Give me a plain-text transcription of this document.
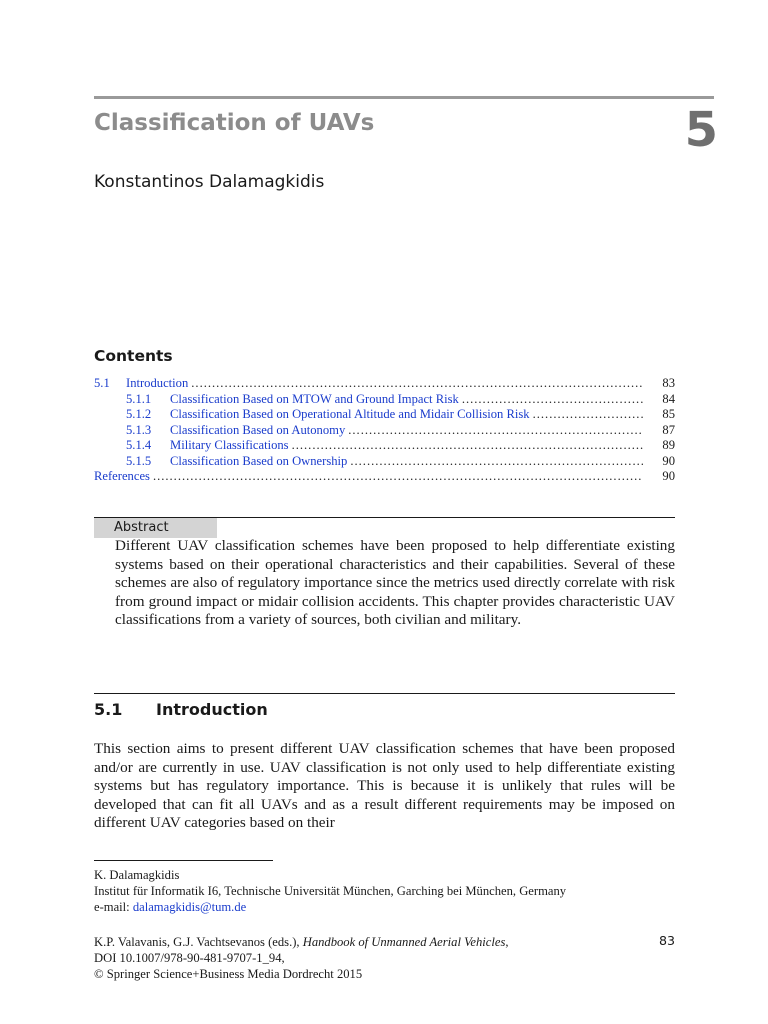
Classification of UAVs	5
Konstantinos Dalamagkidis
Contents
5.1	Introduction .....	83
5.1.1	Classification Based on MTOW and Ground Impact Risk .....	84
5.1.2	Classification Based on Operational Altitude and Midair Collision Risk .....	85
5.1.3	Classification Based on Autonomy .....	87
5.1.4	Military Classifications .....	89
5.1.5	Classification Based on Ownership .....	90
References .....	90
Abstract

Different UAV classification schemes have been proposed to help differentiate existing systems based on their operational characteristics and their capabilities. Several of these schemes are also of regulatory importance since the metrics used directly correlate with risk from ground impact or midair collision accidents. This chapter provides characteristic UAV classifications from a variety of sources, both civilian and military.

5.1 Introduction

This section aims to present different UAV classification schemes that have been proposed and/or are currently in use. UAV classification is not only used to help differentiate existing systems but has regulatory importance. This is because it is unlikely that rules will be developed that can fit all UAVs and as a result different requirements may be imposed on different UAV categories based on their

K. Dalamagkidis
Institut für Informatik I6, Technische Universität München, Garching bei München, Germany
e-mail: dalamagkidis@tum.de

K.P. Valavanis, G.J. Vachtsevanos (eds.), Handbook of Unmanned Aerial Vehicles,
DOI 10.1007/978-90-481-9707-1_94,
© Springer Science+Business Media Dordrecht 2015

83
